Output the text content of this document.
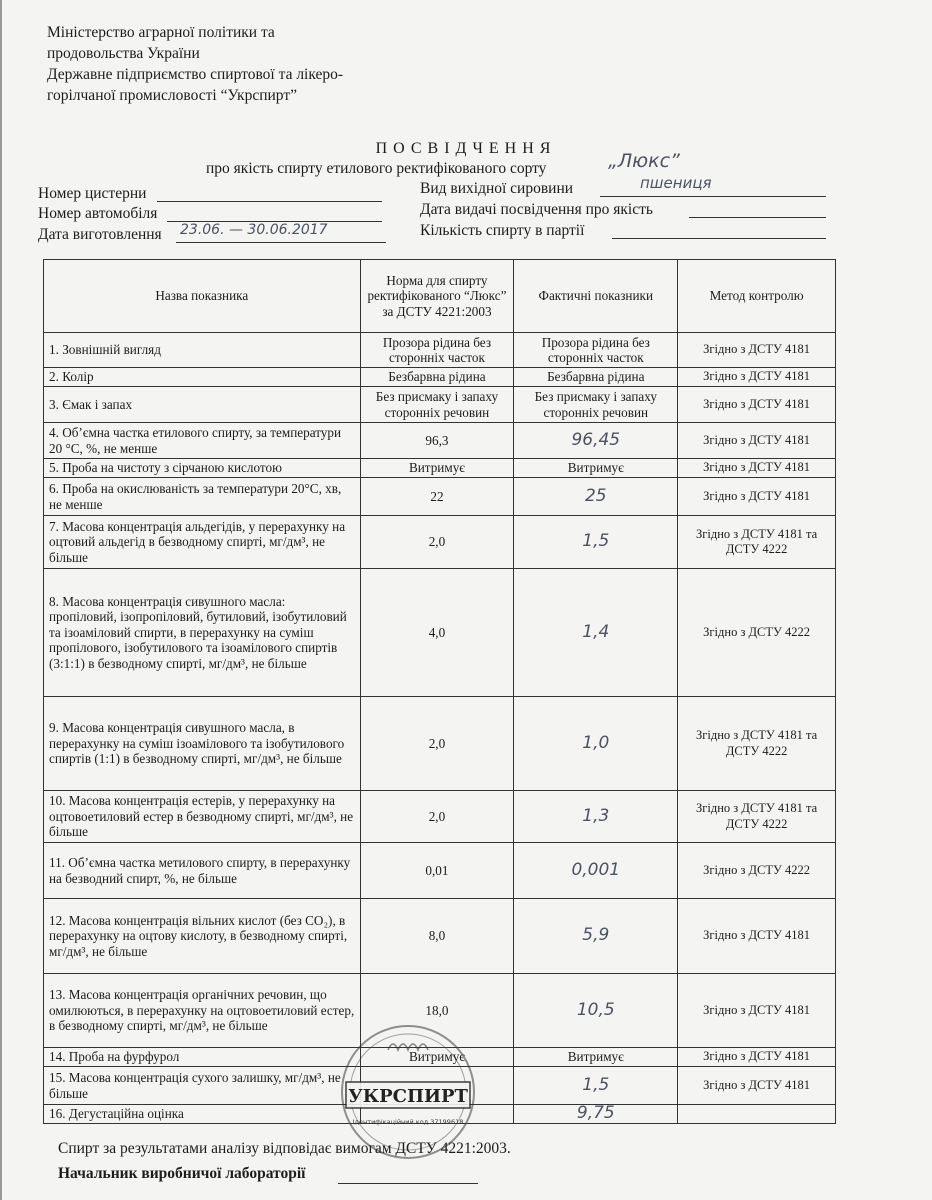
Міністерство аграрної політики та
продовольства України
Державне підприємство спиртової та лікеро-
горілчаної промисловості “Укрспирт”
ПОСВІДЧЕННЯ
про якість спирту етилового ректифікованого сорту	„Люкс”
Номер цистерни
Номер автомобіля
Дата виготовлення 23.06. — 30.06.2017
Вид вихідної сировини	пшениця
Дата видачі посвідчення про якість
Кількість спирту в партії
Назва показника	Норма для спирту ректифікованого “Люкс” за ДСТУ 4221:2003	Фактичні показники	Метод контролю
1. Зовнішній вигляд	Прозора рідина без сторонніх часток	Прозора рідина без сторонніх часток	Згідно з ДСТУ 4181
2. Колір	Безбарвна рідина	Безбарвна рідина	Згідно з ДСТУ 4181
3. Ємак і запах	Без присмаку і запаху сторонніх речовин	Без присмаку і запаху сторонніх речовин	Згідно з ДСТУ 4181
4. Об’ємна частка етилового спирту, за температури 20 °С, %, не менше	96,3	96,45	Згідно з ДСТУ 4181
5. Проба на чистоту з сірчаною кислотою	Витримує	Витримує	Згідно з ДСТУ 4181
6. Проба на окислюваність за температури 20°С, хв, не менше	22	25	Згідно з ДСТУ 4181
7. Масова концентрація альдегідів, у перерахунку на оцтовий альдегід в безводному спирті, мг/дм³, не більше	2,0	1,5	Згідно з ДСТУ 4181 та ДСТУ 4222
8. Масова концентрація сивушного масла: пропіловий, ізопропіловий, бутиловий, ізобутиловий та ізоаміловий спирти, в перерахунку на суміш пропілового, ізобутилового та ізоамілового спиртів (3:1:1) в безводному спирті, мг/дм³, не більше	4,0	1,4	Згідно з ДСТУ 4222
9. Масова концентрація сивушного масла, в перерахунку на суміш ізоамілового та ізобутилового спиртів (1:1) в безводному спирті, мг/дм³, не більше	2,0	1,0	Згідно з ДСТУ 4181 та ДСТУ 4222
10. Масова концентрація естерів, у перерахунку на оцтовоетиловий естер в безводному спирті, мг/дм³, не більше	2,0	1,3	Згідно з ДСТУ 4181 та ДСТУ 4222
11. Об’ємна частка метилового спирту, в перерахунку на безводний спирт, %, не більше	0,01	0,001	Згідно з ДСТУ 4222
12. Масова концентрація вільних кислот (без CO₂), в перерахунку на оцтову кислоту, в безводному спирті, мг/дм³, не більше	8,0	5,9	Згідно з ДСТУ 4181
13. Масова концентрація органічних речовин, що омилюються, в перерахунку на оцтовоетиловий естер, в безводному спирті, мг/дм³, не більше	18,0	10,5	Згідно з ДСТУ 4181
14. Проба на фурфурол	Витримує	Витримує	Згідно з ДСТУ 4181
15. Масова концентрація сухого залишку, мг/дм³, не більше		1,5	Згідно з ДСТУ 4181
16. Дегустаційна оцінка		9,75	
УКРСПИРТ
Ідентифікаційний код 37199618
Спирт за результатами аналізу відповідає вимогам ДСТУ 4221:2003.
Начальник виробничої лабораторії
